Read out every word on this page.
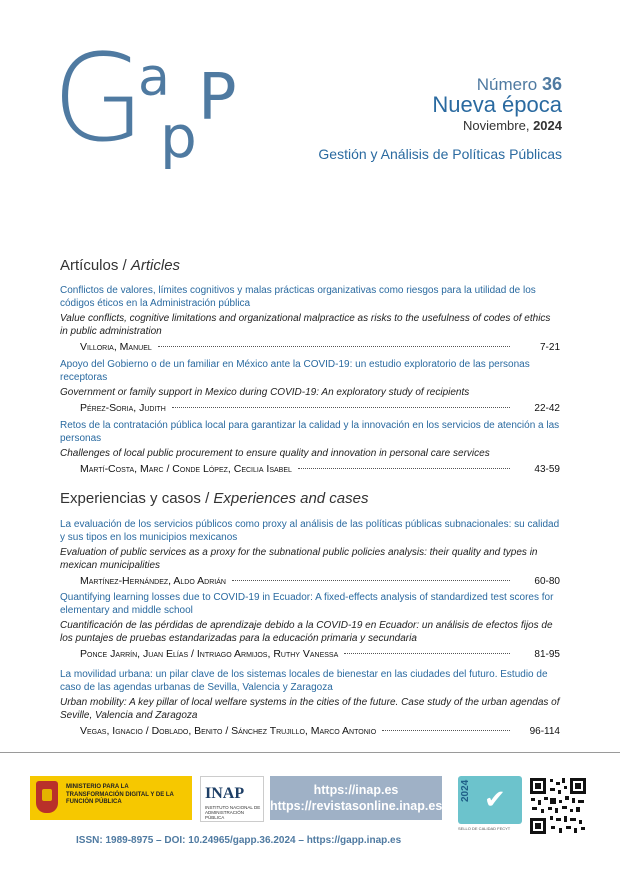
G
a
p
P	Número 36
Nueva época
Noviembre, 2024
Gestión y Análisis de Políticas Públicas
Artículos / Articles
Conflictos de valores, límites cognitivos y malas prácticas organizativas como riesgos para la utilidad de los códigos éticos en la Administración pública
Value conflicts, cognitive limitations and organizational malpractice as risks to the usefulness of codes of ethics in public administration
Villoria, Manuel	7-21
Apoyo del Gobierno o de un familiar en México ante la COVID-19: un estudio exploratorio de las personas receptoras
Government or family support in Mexico during COVID-19: An exploratory study of recipients
Pérez-Soria, Judith	22-42
Retos de la contratación pública local para garantizar la calidad y la innovación en los servicios de atención a las personas
Challenges of local public procurement to ensure quality and innovation in personal care services
Martí-Costa, Marc / Conde López, Cecilia Isabel	43-59
Experiencias y casos / Experiences and cases
La evaluación de los servicios públicos como proxy al análisis de las políticas públicas subnacionales: su calidad y sus tipos en los municipios mexicanos
Evaluation of public services as a proxy for the subnational public policies analysis: their quality and types in mexican municipalities
Martínez-Hernández, Aldo Adrián	60-80
Quantifying learning losses due to COVID-19 in Ecuador: A fixed-effects analysis of standardized test scores for elementary and middle school
Cuantificación de las pérdidas de aprendizaje debido a la COVID-19 en Ecuador: un análisis de efectos fijos de los puntajes de pruebas estandarizadas para la educación primaria y secundaria
Ponce Jarrín, Juan Elías / Intriago Armijos, Ruthy Vanessa	81-95
La movilidad urbana: un pilar clave de los sistemas locales de bienestar en las ciudades del futuro. Estudio de caso de las agendas urbanas de Sevilla, Valencia y Zaragoza
Urban mobility: A key pillar of local welfare systems in the cities of the future. Case study of the urban agendas of Seville, Valencia and Zaragoza
Vegas, Ignacio / Doblado, Benito / Sánchez Trujillo, Marco Antonio	96-114
MINISTERIO PARA LA TRANSFORMACIÓN DIGITAL Y DE LA FUNCIÓN PÚBLICA	INAP
INSTITUTO NACIONAL DE ADMINISTRACIÓN PÚBLICA
https://inap.es
https://revistasonline.inap.es
2024 ✔
SELLO DE CALIDAD FECYT
ISSN: 1989-8975 – DOI: 10.24965/gapp.36.2024 – https://gapp.inap.es
